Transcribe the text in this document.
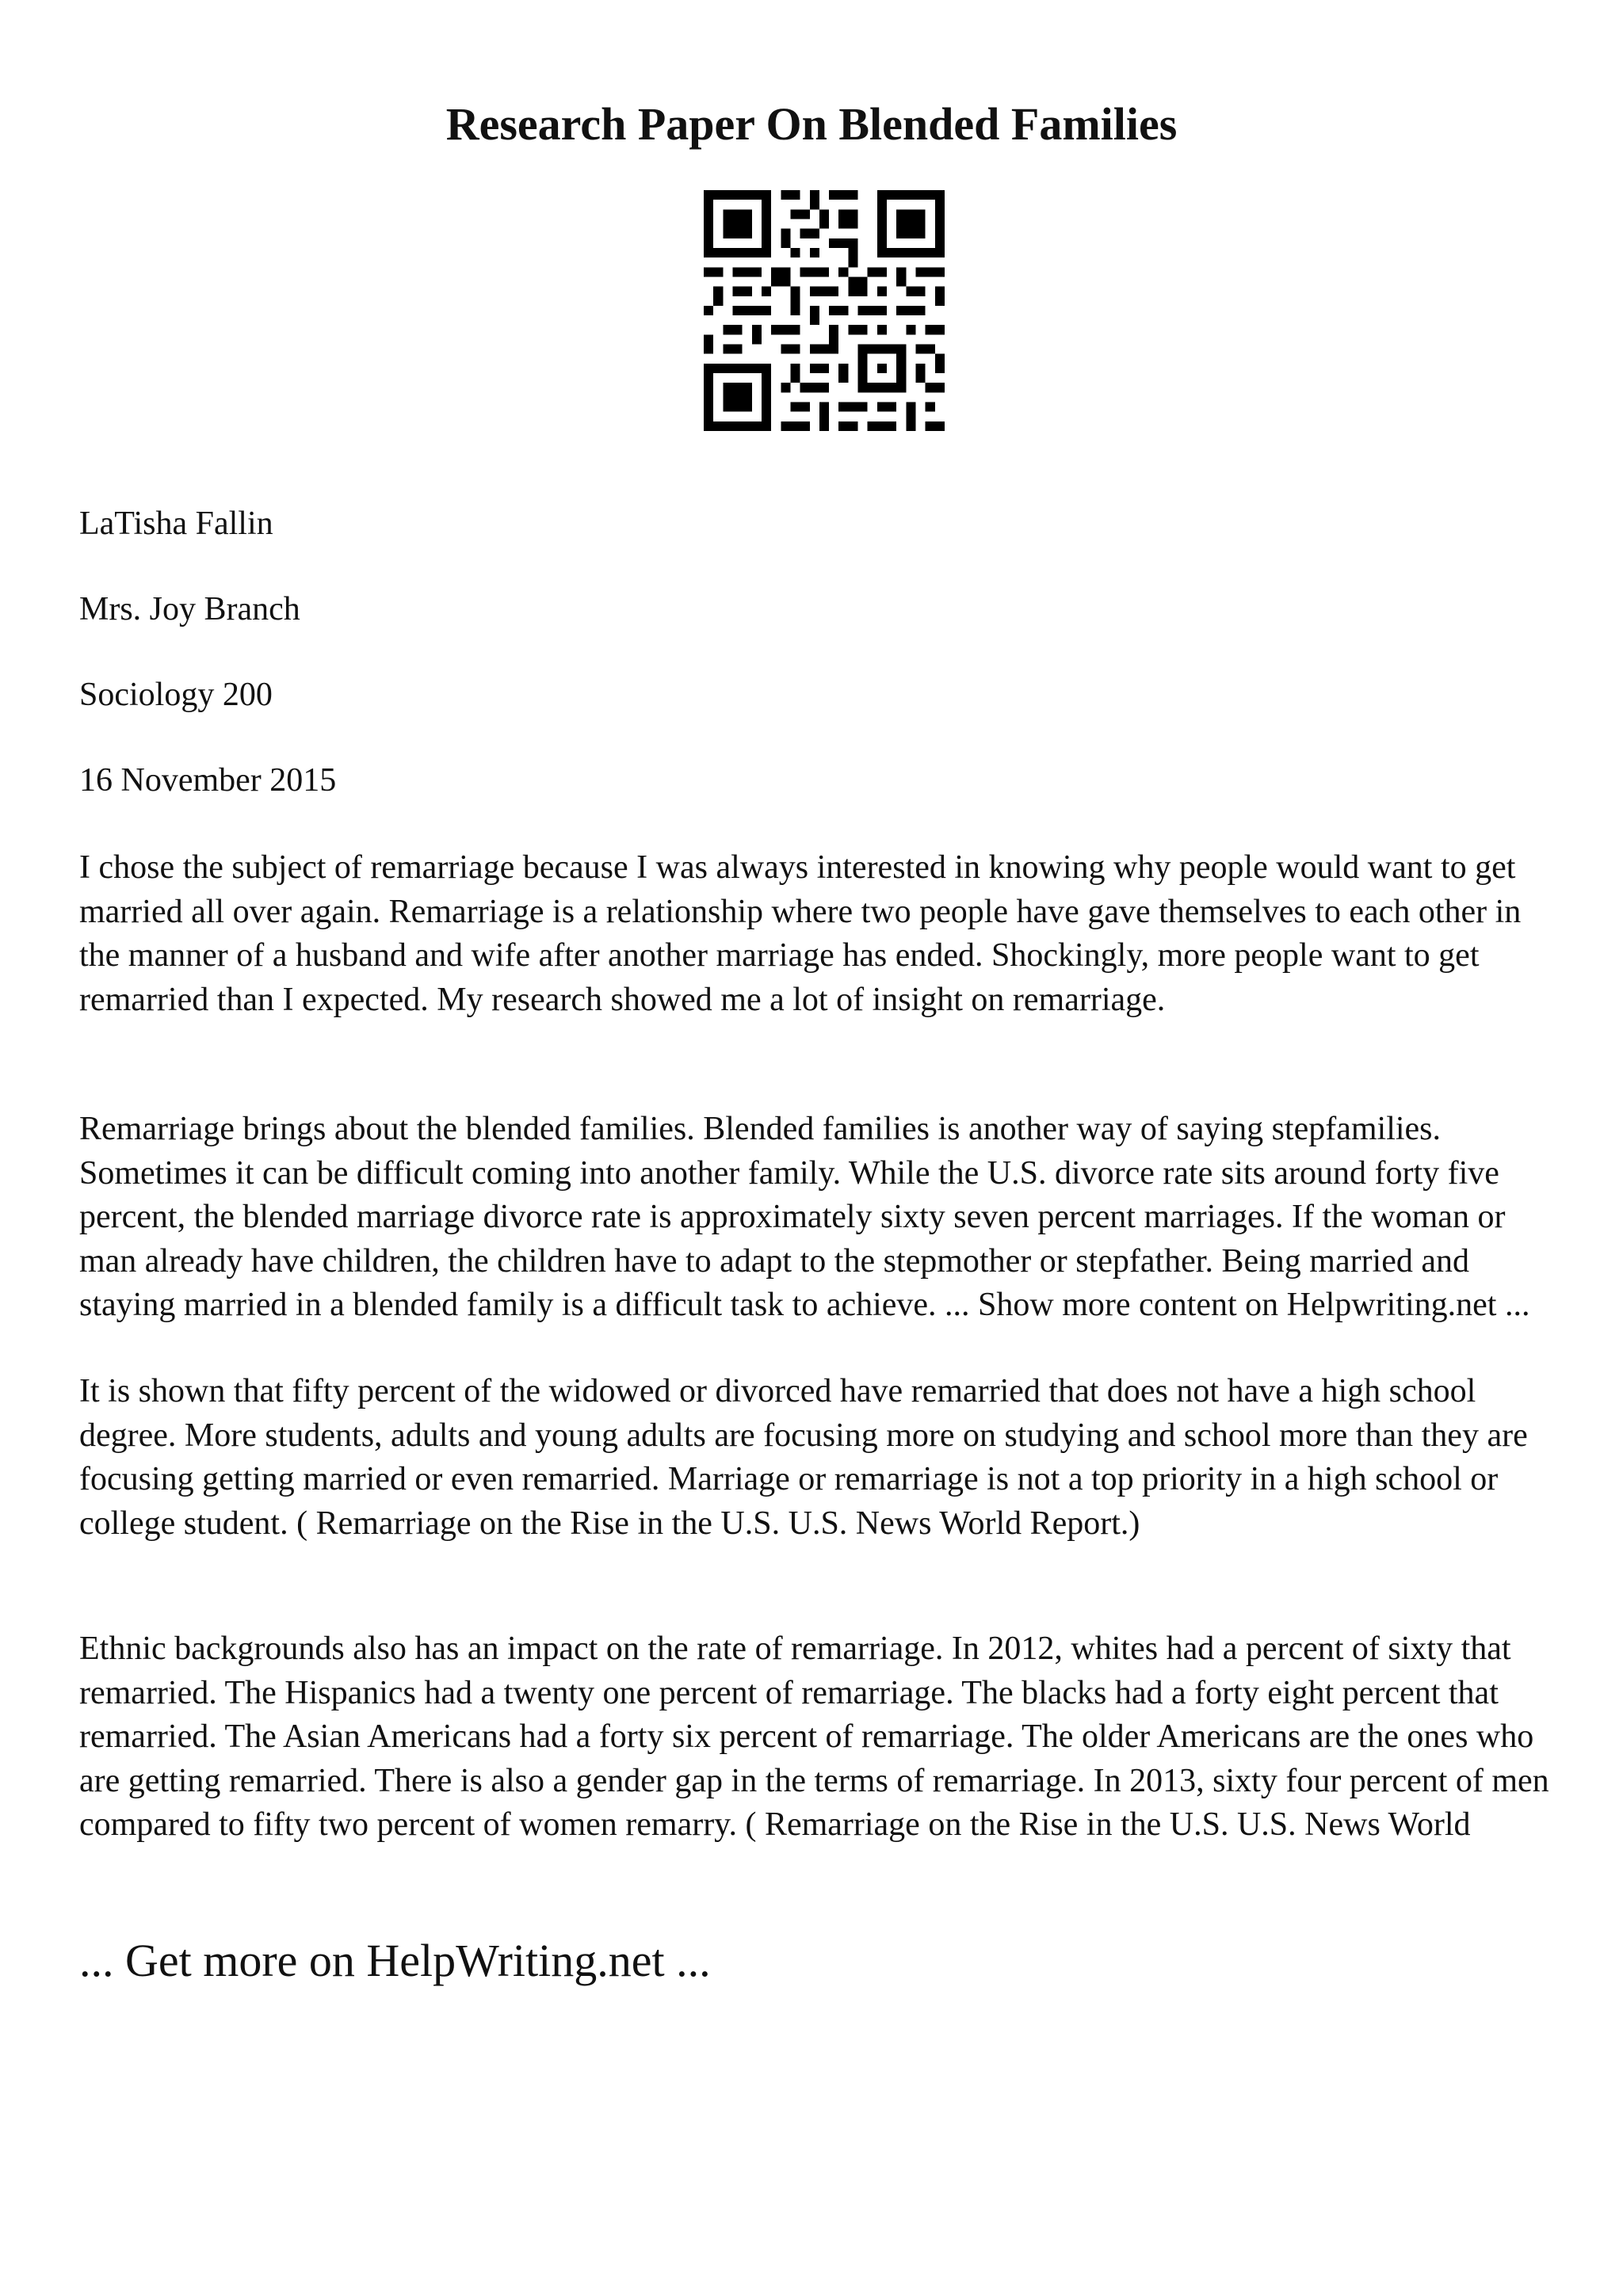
Research Paper On Blended Families

LaTisha Fallin

Mrs. Joy Branch

Sociology 200

16 November 2015

I chose the subject of remarriage because I was always interested in knowing why people would want to get married all over again. Remarriage is a relationship where two people have gave themselves to each other in the manner of a husband and wife after another marriage has ended. Shockingly, more people want to get remarried than I expected. My research showed me a lot of insight on remarriage.

Remarriage brings about the blended families. Blended families is another way of saying stepfamilies. Sometimes it can be difficult coming into another family. While the U.S. divorce rate sits around forty five percent, the blended marriage divorce rate is approximately sixty seven percent marriages. If the woman or man already have children, the children have to adapt to the stepmother or stepfather. Being married and staying married in a blended family is a difficult task to achieve. ... Show more content on Helpwriting.net ...

It is shown that fifty percent of the widowed or divorced have remarried that does not have a high school degree. More students, adults and young adults are focusing more on studying and school more than they are focusing getting married or even remarried. Marriage or remarriage is not a top priority in a high school or college student. ( Remarriage on the Rise in the U.S. U.S. News World Report.)

Ethnic backgrounds also has an impact on the rate of remarriage. In 2012, whites had a percent of sixty that remarried. The Hispanics had a twenty one percent of remarriage. The blacks had a forty eight percent that remarried. The Asian Americans had a forty six percent of remarriage. The older Americans are the ones who are getting remarried. There is also a gender gap in the terms of remarriage. In 2013, sixty four percent of men compared to fifty two percent of women remarry. ( Remarriage on the Rise in the U.S. U.S. News World

... Get more on HelpWriting.net ...
